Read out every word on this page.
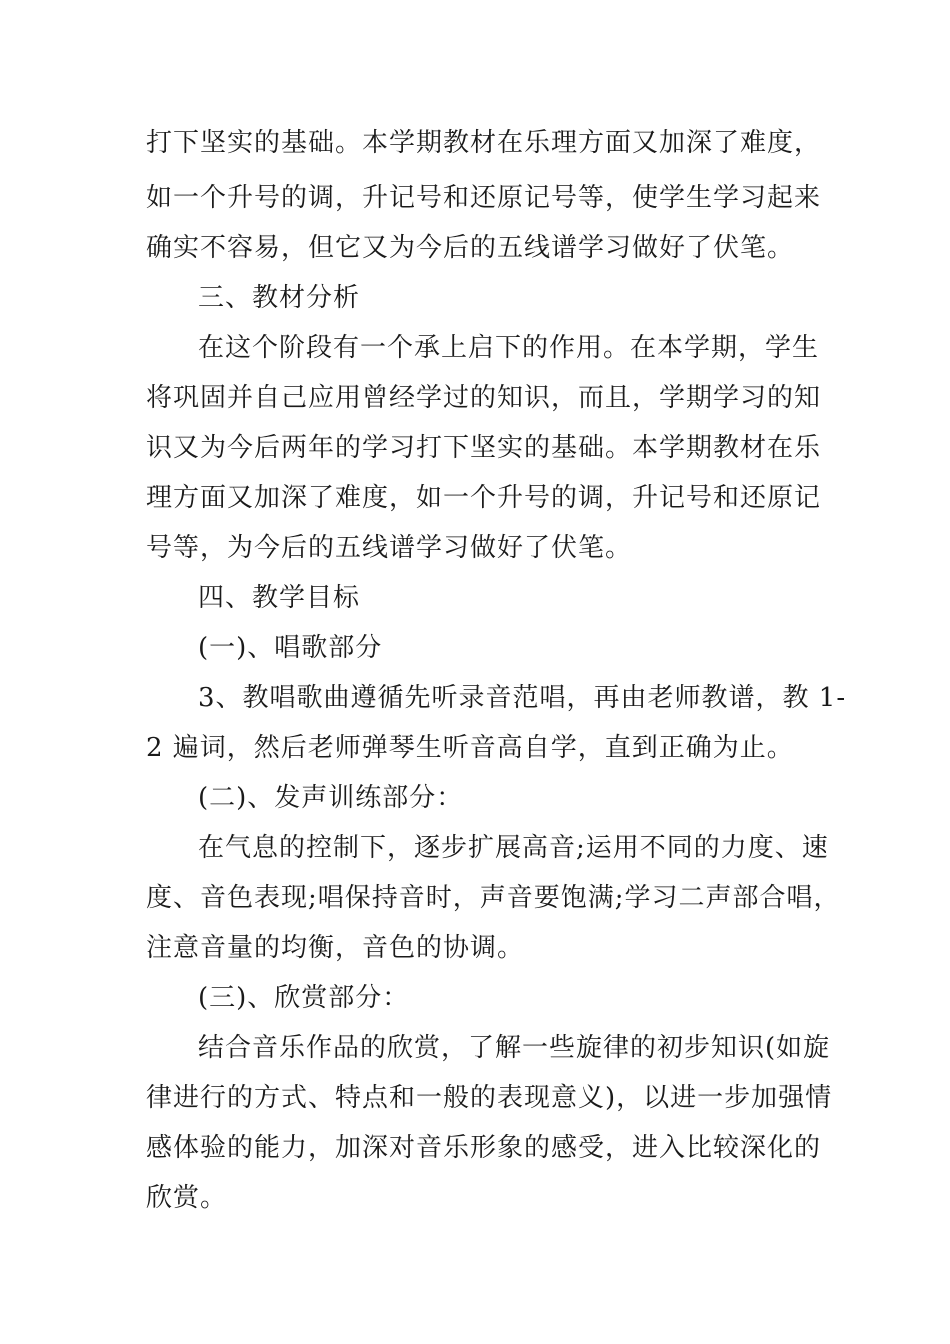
打下坚实的基础。本学期教材在乐理方面又加深了难度，
如一个升号的调，升记号和还原记号等，使学生学习起来
确实不容易，但它又为今后的五线谱学习做好了伏笔。
三、教材分析
在这个阶段有一个承上启下的作用。在本学期，学生
将巩固并自己应用曾经学过的知识，而且，学期学习的知
识又为今后两年的学习打下坚实的基础。本学期教材在乐
理方面又加深了难度，如一个升号的调，升记号和还原记
号等，为今后的五线谱学习做好了伏笔。
四、教学目标
(一)、唱歌部分
3、教唱歌曲遵循先听录音范唱，再由老师教谱，教 1-
2 遍词，然后老师弹琴生听音高自学，直到正确为止。
(二)、发声训练部分：
在气息的控制下，逐步扩展高音;运用不同的力度、速
度、音色表现;唱保持音时，声音要饱满;学习二声部合唱，
注意音量的均衡，音色的协调。
(三)、欣赏部分：
结合音乐作品的欣赏，了解一些旋律的初步知识(如旋
律进行的方式、特点和一般的表现意义)，以进一步加强情
感体验的能力，加深对音乐形象的感受，进入比较深化的
欣赏。
